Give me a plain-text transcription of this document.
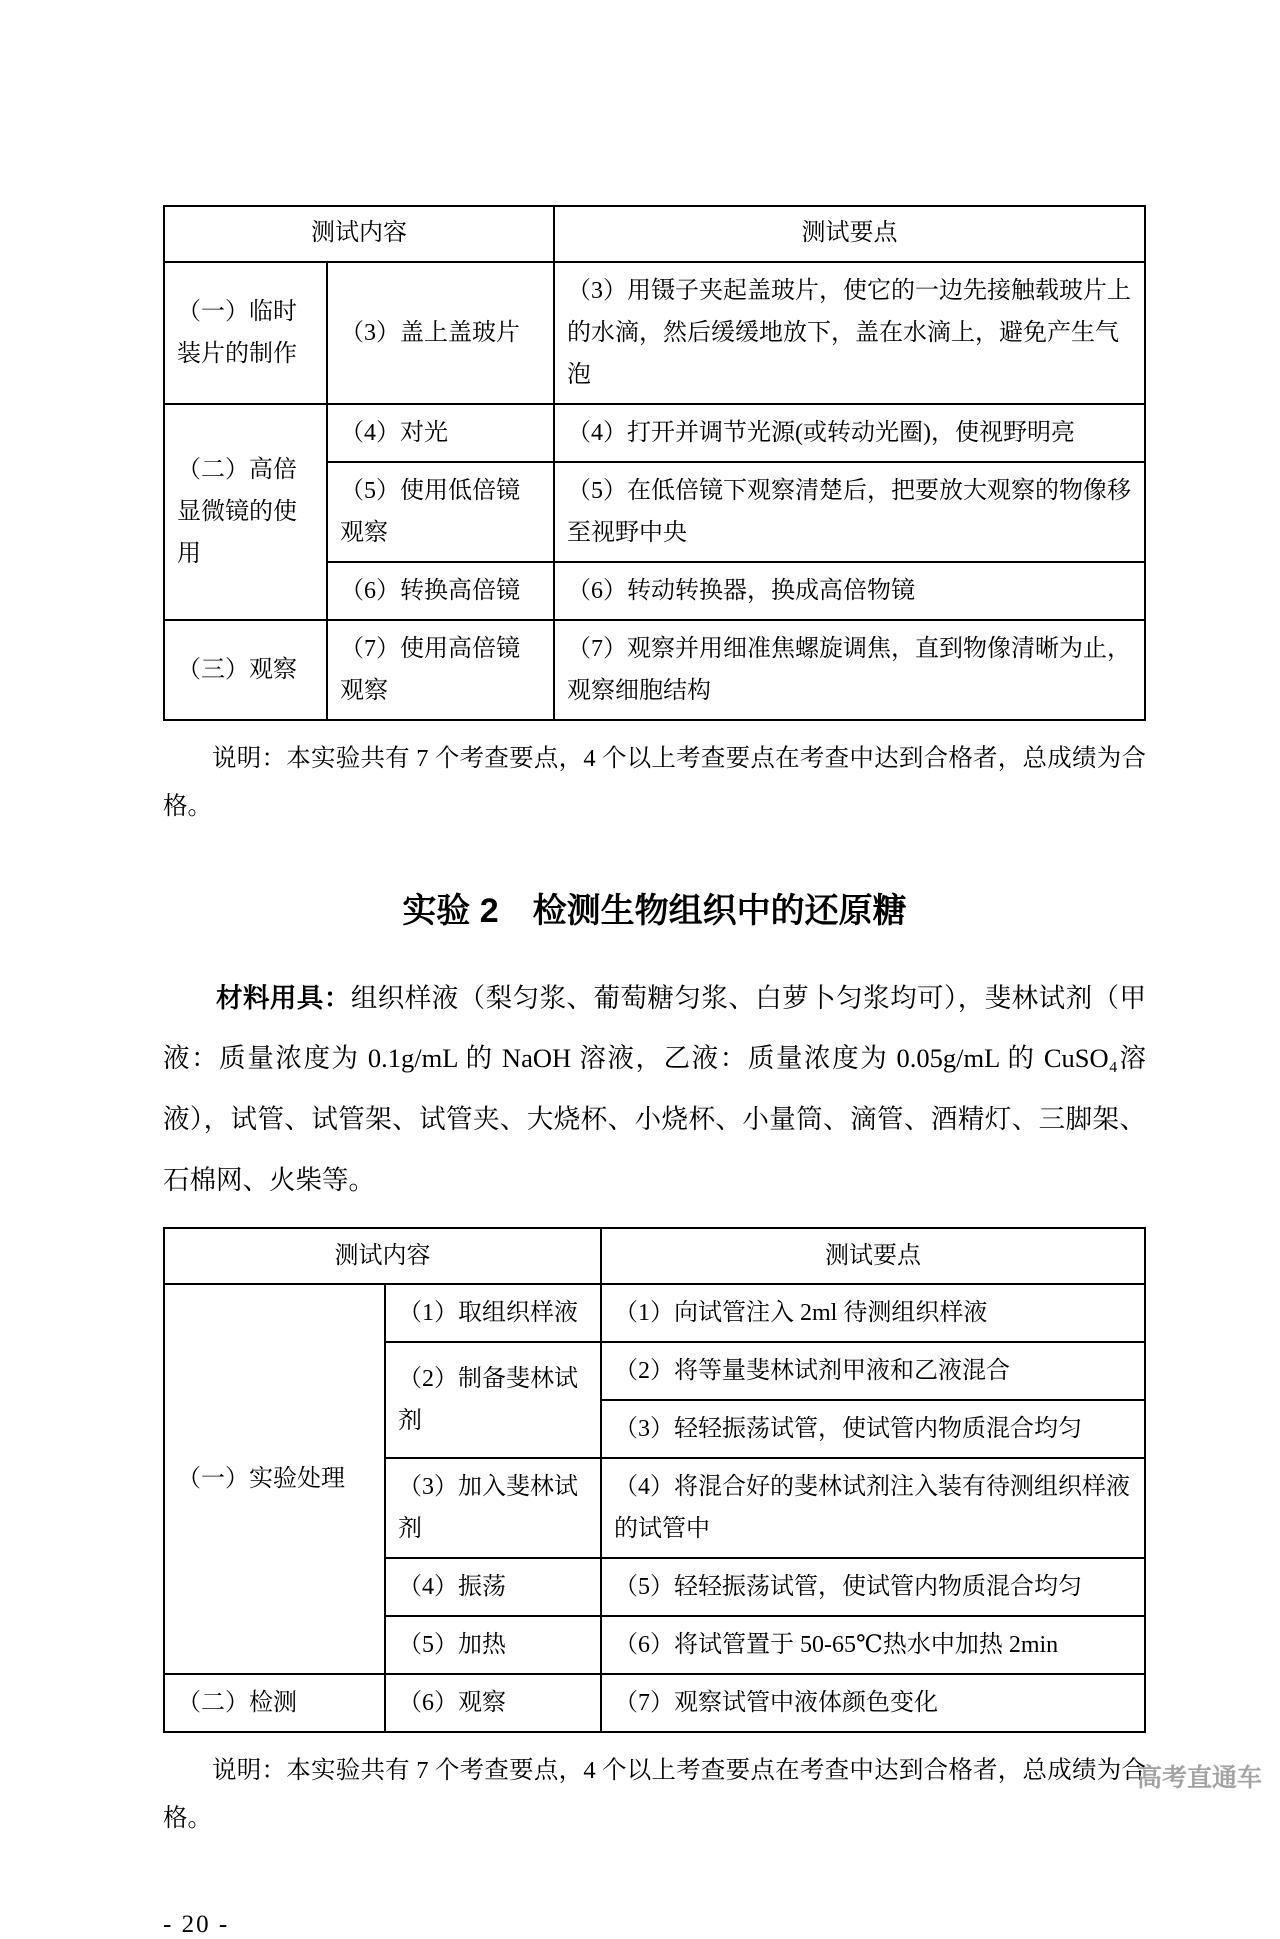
测试内容		测试要点
（一）临时装片的制作	（3）盖上盖玻片	（3）用镊子夹起盖玻片，使它的一边先接触载玻片上的水滴，然后缓缓地放下，盖在水滴上，避免产生气泡
（二）高倍显微镜的使用	（4）对光	（4）打开并调节光源(或转动光圈)，使视野明亮
	（5）使用低倍镜观察	（5）在低倍镜下观察清楚后，把要放大观察的物像移至视野中央
	（6）转换高倍镜	（6）转动转换器，换成高倍物镜
（三）观察	（7）使用高倍镜观察	（7）观察并用细准焦螺旋调焦，直到物像清晰为止，观察细胞结构

说明：本实验共有 7 个考查要点，4 个以上考查要点在考查中达到合格者，总成绩为合格。

实验 2　检测生物组织中的还原糖

材料用具：组织样液（梨匀浆、葡萄糖匀浆、白萝卜匀浆均可），斐林试剂（甲液：质量浓度为 0.1g/mL 的 NaOH 溶液，乙液：质量浓度为 0.05g/mL 的 CuSO₄溶液），试管、试管架、试管夹、大烧杯、小烧杯、小量筒、滴管、酒精灯、三脚架、石棉网、火柴等。

测试内容		测试要点
（一）实验处理	（1）取组织样液	（1）向试管注入 2ml 待测组织样液
	（2）制备斐林试剂	（2）将等量斐林试剂甲液和乙液混合
		（3）轻轻振荡试管，使试管内物质混合均匀
	（3）加入斐林试剂	（4）将混合好的斐林试剂注入装有待测组织样液的试管中
	（4）振荡	（5）轻轻振荡试管，使试管内物质混合均匀
	（5）加热	（6）将试管置于 50-65℃热水中加热 2min
（二）检测	（6）观察	（7）观察试管中液体颜色变化

说明：本实验共有 7 个考查要点，4 个以上考查要点在考查中达到合格者，总成绩为合格。

- 20 -
高考直通车
